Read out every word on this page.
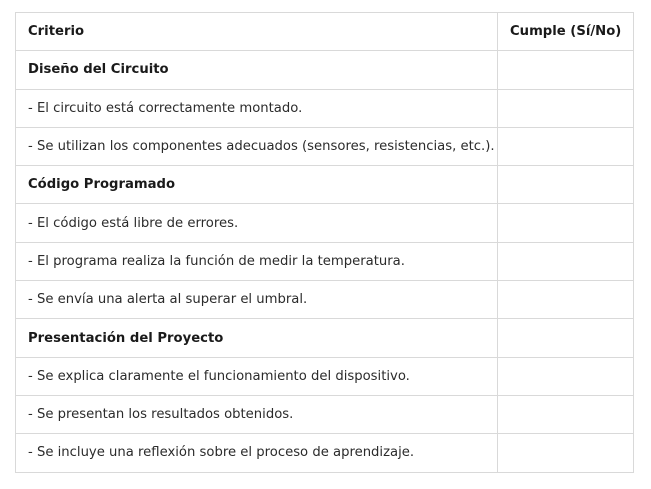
Criterio	Cumple (Sí/No)
Diseño del Circuito	
- El circuito está correctamente montado.	
- Se utilizan los componentes adecuados (sensores, resistencias, etc.).	
Código Programado	
- El código está libre de errores.	
- El programa realiza la función de medir la temperatura.	
- Se envía una alerta al superar el umbral.	
Presentación del Proyecto	
- Se explica claramente el funcionamiento del dispositivo.	
- Se presentan los resultados obtenidos.	
- Se incluye una reflexión sobre el proceso de aprendizaje.	
